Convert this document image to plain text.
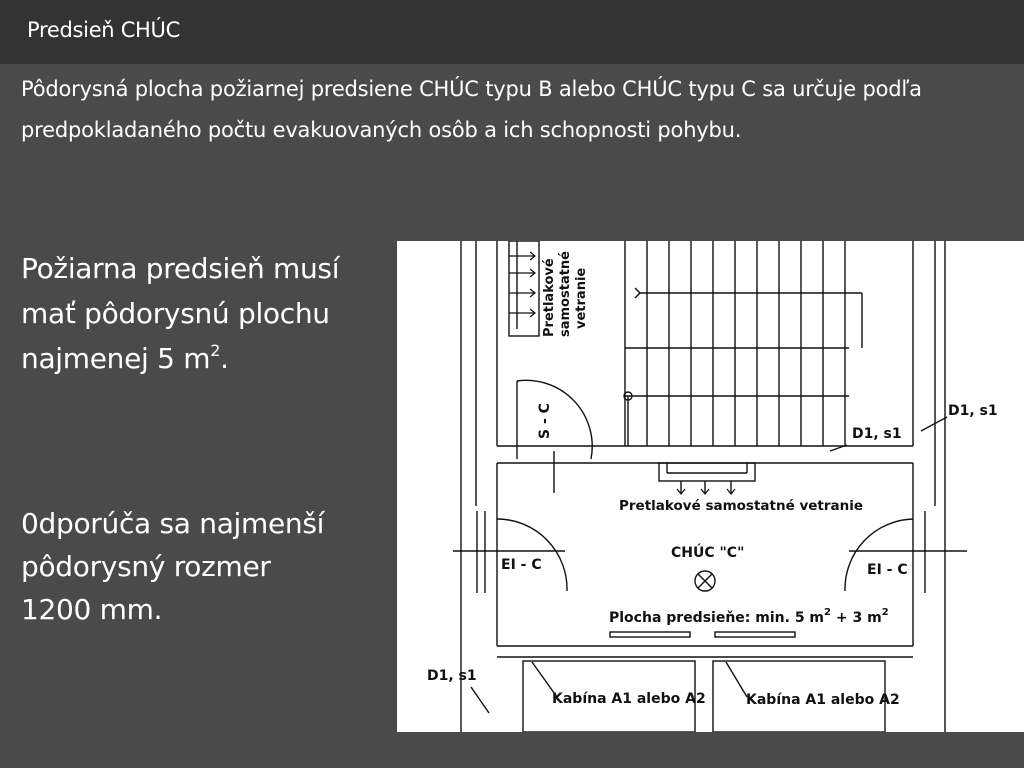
Predsieň CHÚC
Pôdorysná plocha požiarnej predsiene CHÚC typu B alebo CHÚC typu C sa určuje podľa predpokladaného počtu evakuovaných osôb a ich schopnosti pohybu.
Požiarna predsieň musí
mať pôdorysnú plochu
najmenej 5 $m^2$.
0dporúča sa najmenší
pôdorysný rozmer
1200 mm.
Pretlakové samostatné vetranie
S - C	D1, s1
D1, s1
Pretlakové samostatné vetranie
CHÚC "C"
EI - C	EI - C
Plocha predsieňe: min. 5 $m^2 + 3$ $m^2$
D1, s1
Kabína A1 alebo A2	Kabína A1 alebo A2
